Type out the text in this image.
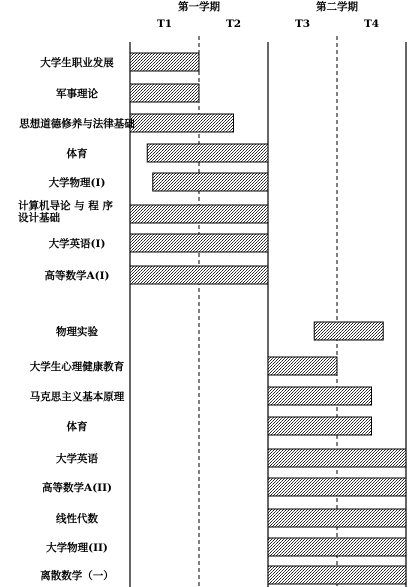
第一学期
T1	T2
第二学期
T3	T4
大学生职业发展
军事理论
思想道德修养与法律基础
体育
大学物理(I)
计算机导论 与 程 序设计基础
大学英语(I)
高等数学A(I)
物理实验
大学生心理健康教育
马克思主义基本原理
体育
大学英语
高等数学A(II)
线性代数
大学物理(II)
离散数学（一）
